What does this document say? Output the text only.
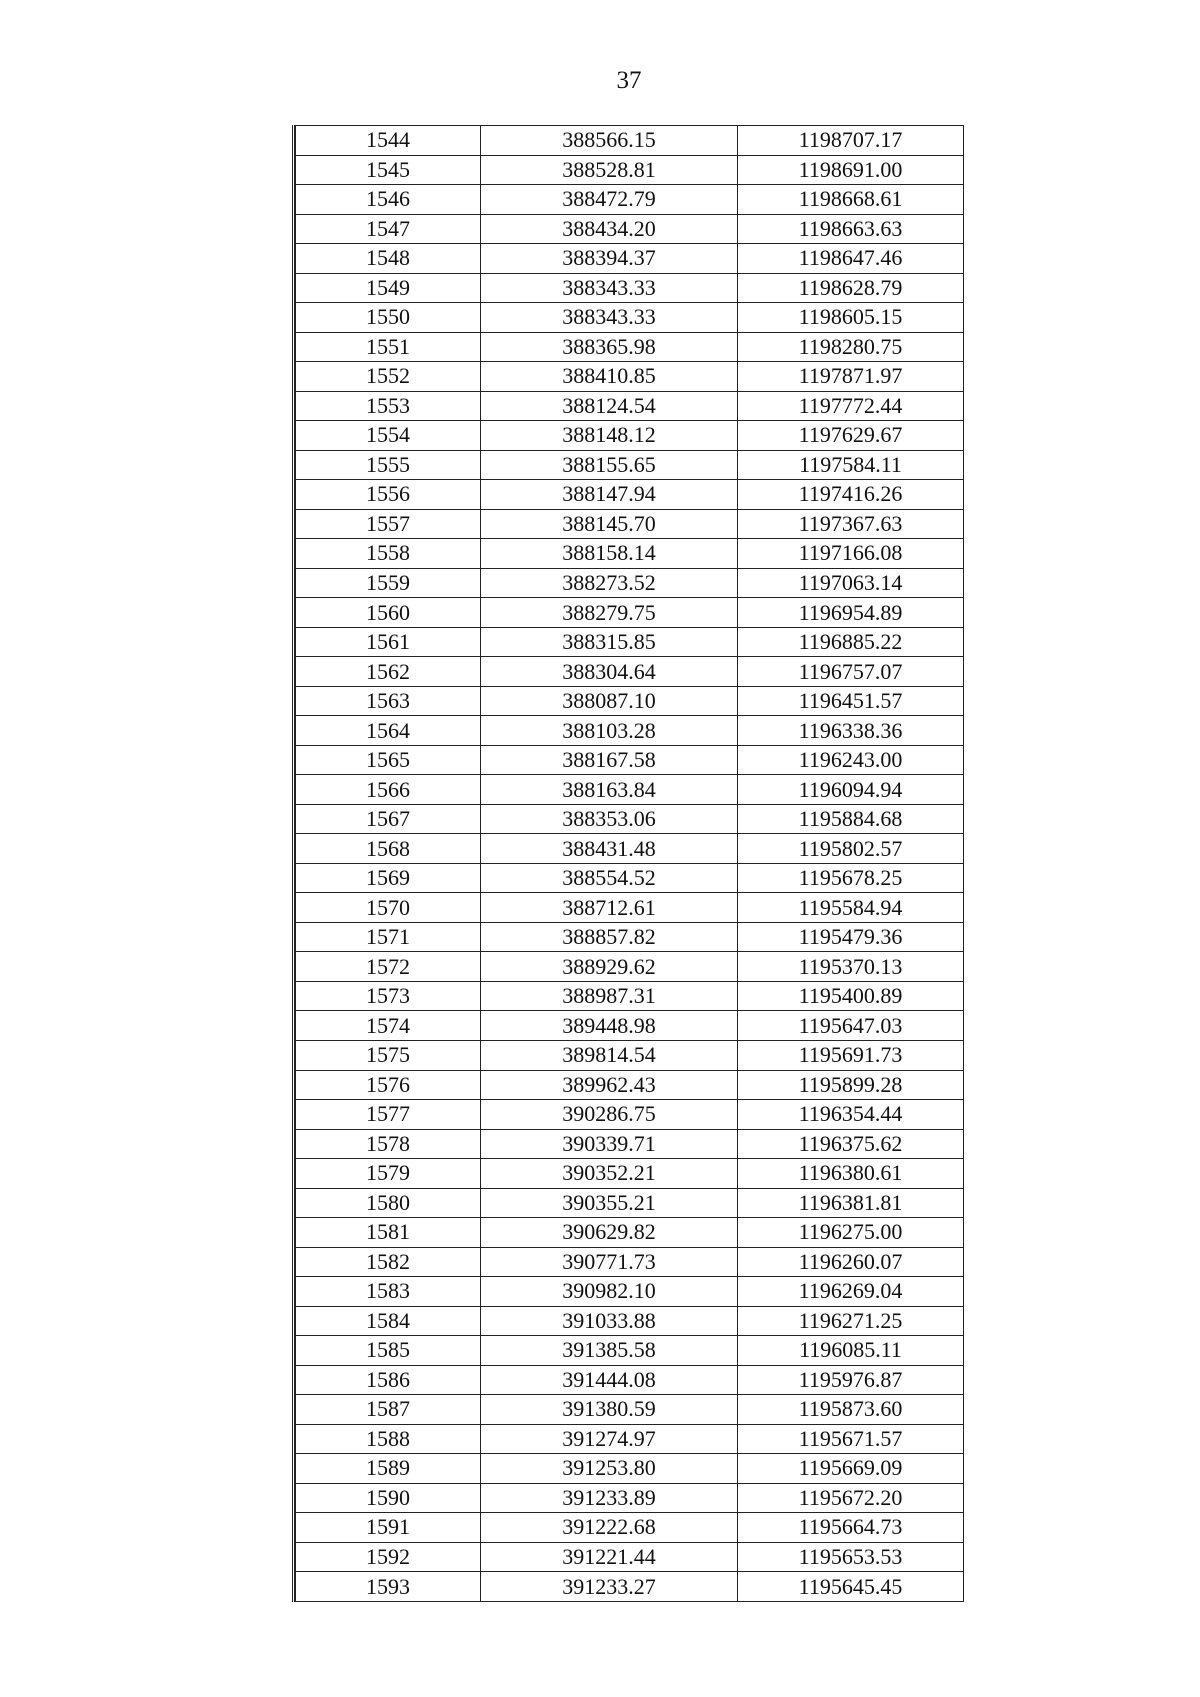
37
1544	388566.15	1198707.17
1545	388528.81	1198691.00
1546	388472.79	1198668.61
1547	388434.20	1198663.63
1548	388394.37	1198647.46
1549	388343.33	1198628.79
1550	388343.33	1198605.15
1551	388365.98	1198280.75
1552	388410.85	1197871.97
1553	388124.54	1197772.44
1554	388148.12	1197629.67
1555	388155.65	1197584.11
1556	388147.94	1197416.26
1557	388145.70	1197367.63
1558	388158.14	1197166.08
1559	388273.52	1197063.14
1560	388279.75	1196954.89
1561	388315.85	1196885.22
1562	388304.64	1196757.07
1563	388087.10	1196451.57
1564	388103.28	1196338.36
1565	388167.58	1196243.00
1566	388163.84	1196094.94
1567	388353.06	1195884.68
1568	388431.48	1195802.57
1569	388554.52	1195678.25
1570	388712.61	1195584.94
1571	388857.82	1195479.36
1572	388929.62	1195370.13
1573	388987.31	1195400.89
1574	389448.98	1195647.03
1575	389814.54	1195691.73
1576	389962.43	1195899.28
1577	390286.75	1196354.44
1578	390339.71	1196375.62
1579	390352.21	1196380.61
1580	390355.21	1196381.81
1581	390629.82	1196275.00
1582	390771.73	1196260.07
1583	390982.10	1196269.04
1584	391033.88	1196271.25
1585	391385.58	1196085.11
1586	391444.08	1195976.87
1587	391380.59	1195873.60
1588	391274.97	1195671.57
1589	391253.80	1195669.09
1590	391233.89	1195672.20
1591	391222.68	1195664.73
1592	391221.44	1195653.53
1593	391233.27	1195645.45
